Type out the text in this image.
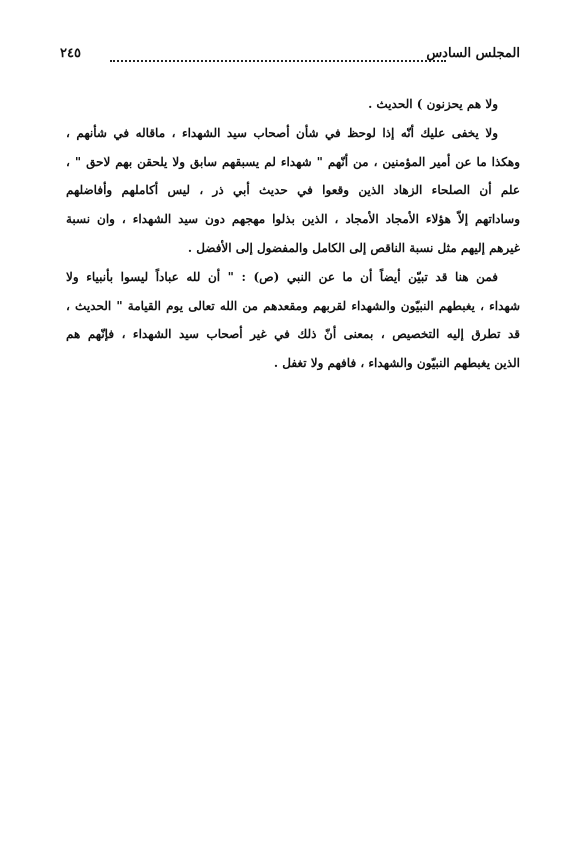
المجلس السادس
٢٤٥
ولا هم يحزنون ) الحديث .
ولا يخفى عليك أنّه إذا لوحظ في شأن أصحاب سيد الشهداء ، ماقاله في شأنهم ،
وهكذا ما عن أمير المؤمنين ، من أنّهم " شهداء لم يسبقهم سابق ولا يلحقن بهم لاحق " ،
علم أن الصلحاء الزهاد الذين وقعوا في حديث أبي ذر ، ليس أكاملهم وأفاضلهم
وساداتهم إلاّ هؤلاء الأمجاد الأمجاد ، الذين بذلوا مهجهم دون سيد الشهداء ، وان نسبة
غيرهم إليهم مثل نسبة الناقص إلى الكامل والمفضول إلى الأفضل .
فمن هنا قد تبيّن أيضاً أن ما عن النبي (ص) : " أن لله عباداً ليسوا بأنبياء ولا
شهداء ، يغبطهم النبيّون والشهداء لقربهم ومقعدهم من الله تعالى يوم القيامة " الحديث ،
قد تطرق إليه التخصيص ، بمعنى أنّ ذلك في غير أصحاب سيد الشهداء ، فإنّهم هم
الذين يغبطهم النبيّون والشهداء ، فافهم ولا تغفل .
